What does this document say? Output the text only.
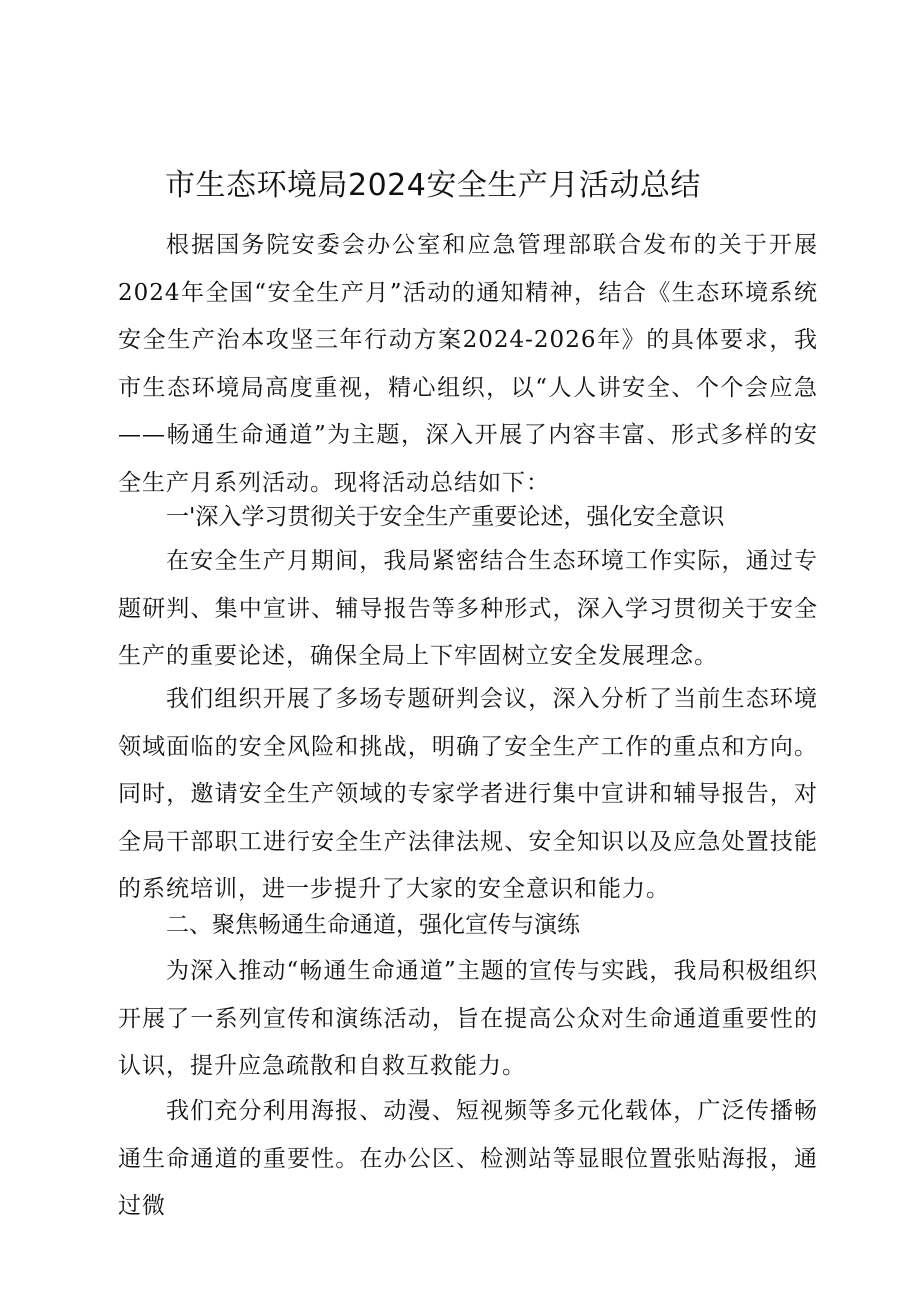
市生态环境局2024安全生产月活动总结
根据国务院安委会办公室和应急管理部联合发布的关于开展2024年全国“安全生产月”活动的通知精神，结合《生态环境系统安全生产治本攻坚三年行动方案2024-2026年》的具体要求，我市生态环境局高度重视，精心组织，以“人人讲安全、个个会应急——畅通生命通道”为主题，深入开展了内容丰富、形式多样的安全生产月系列活动。现将活动总结如下：
一'深入学习贯彻关于安全生产重要论述，强化安全意识
在安全生产月期间，我局紧密结合生态环境工作实际，通过专题研判、集中宣讲、辅导报告等多种形式，深入学习贯彻关于安全生产的重要论述，确保全局上下牢固树立安全发展理念。
我们组织开展了多场专题研判会议，深入分析了当前生态环境领域面临的安全风险和挑战，明确了安全生产工作的重点和方向。同时，邀请安全生产领域的专家学者进行集中宣讲和辅导报告，对全局干部职工进行安全生产法律法规、安全知识以及应急处置技能的系统培训，进一步提升了大家的安全意识和能力。
二、聚焦畅通生命通道，强化宣传与演练
为深入推动“畅通生命通道”主题的宣传与实践，我局积极组织开展了一系列宣传和演练活动，旨在提高公众对生命通道重要性的认识，提升应急疏散和自救互救能力。
我们充分利用海报、动漫、短视频等多元化载体，广泛传播畅通生命通道的重要性。在办公区、检测站等显眼位置张贴海报，通过微
